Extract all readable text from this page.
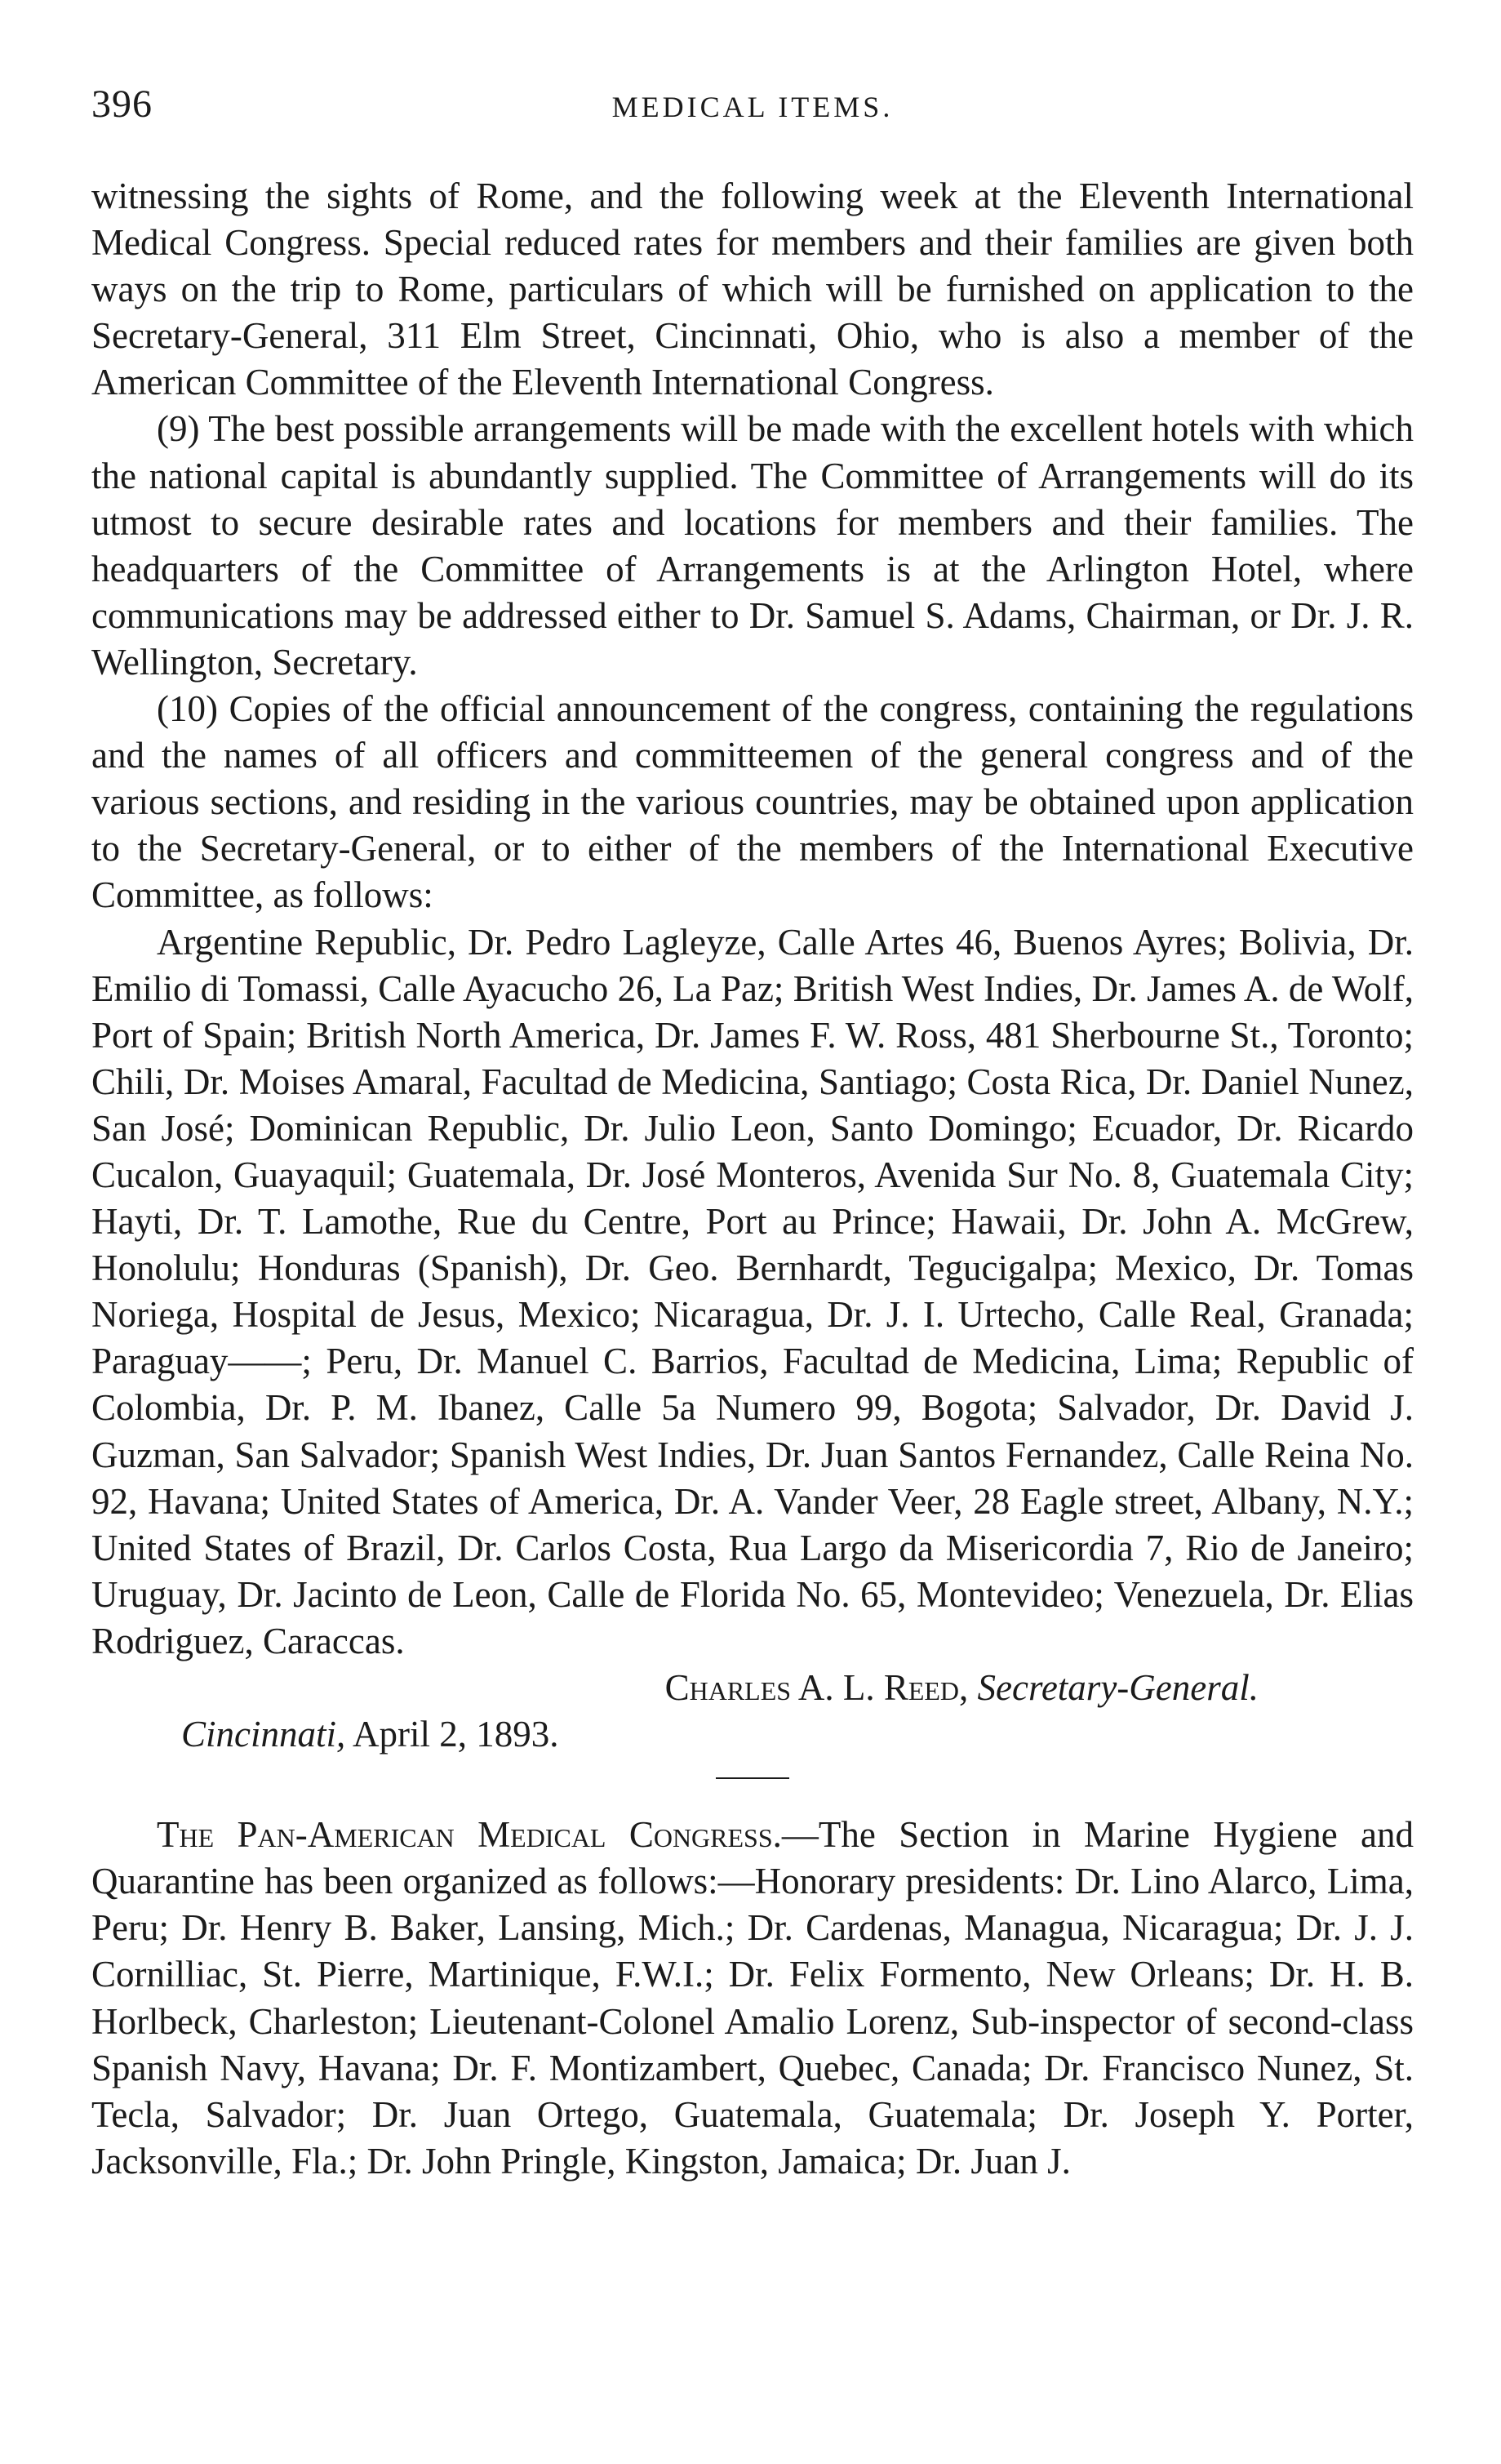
396	MEDICAL ITEMS.

witnessing the sights of Rome, and the following week at the Eleventh International Medical Congress. Special reduced rates for members and their families are given both ways on the trip to Rome, particulars of which will be furnished on application to the Secretary-General, 311 Elm Street, Cincinnati, Ohio, who is also a member of the American Committee of the Eleventh International Congress.

(9) The best possible arrangements will be made with the excellent hotels with which the national capital is abundantly supplied. The Committee of Arrangements will do its utmost to secure desirable rates and locations for members and their families. The headquarters of the Committee of Arrangements is at the Arlington Hotel, where communications may be addressed either to Dr. Samuel S. Adams, Chairman, or Dr. J. R. Wellington, Secretary.

(10) Copies of the official announcement of the congress, containing the regulations and the names of all officers and committeemen of the general congress and of the various sections, and residing in the various countries, may be obtained upon application to the Secretary-General, or to either of the members of the International Executive Committee, as follows:

Argentine Republic, Dr. Pedro Lagleyze, Calle Artes 46, Buenos Ayres; Bolivia, Dr. Emilio di Tomassi, Calle Ayacucho 26, La Paz; British West Indies, Dr. James A. de Wolf, Port of Spain; British North America, Dr. James F. W. Ross, 481 Sherbourne St., Toronto; Chili, Dr. Moises Amaral, Facultad de Medicina, Santiago; Costa Rica, Dr. Daniel Nunez, San José; Dominican Republic, Dr. Julio Leon, Santo Domingo; Ecuador, Dr. Ricardo Cucalon, Guayaquil; Guatemala, Dr. José Monteros, Avenida Sur No. 8, Guatemala City; Hayti, Dr. T. Lamothe, Rue du Centre, Port au Prince; Hawaii, Dr. John A. McGrew, Honolulu; Honduras (Spanish), Dr. Geo. Bernhardt, Tegucigalpa; Mexico, Dr. Tomas Noriega, Hospital de Jesus, Mexico; Nicaragua, Dr. J. I. Urtecho, Calle Real, Granada; Paraguay——; Peru, Dr. Manuel C. Barrios, Facultad de Medicina, Lima; Republic of Colombia, Dr. P. M. Ibanez, Calle 5a Numero 99, Bogota; Salvador, Dr. David J. Guzman, San Salvador; Spanish West Indies, Dr. Juan Santos Fernandez, Calle Reina No. 92, Havana; United States of America, Dr. A. Vander Veer, 28 Eagle street, Albany, N.Y.; United States of Brazil, Dr. Carlos Costa, Rua Largo da Misericordia 7, Rio de Janeiro; Uruguay, Dr. Jacinto de Leon, Calle de Florida No. 65, Montevideo; Venezuela, Dr. Elias Rodriguez, Caraccas.

Charles A. L. Reed, Secretary-General.

Cincinnati, April 2, 1893.

The Pan-American Medical Congress.—The Section in Marine Hygiene and Quarantine has been organized as follows:—Honorary presidents: Dr. Lino Alarco, Lima, Peru; Dr. Henry B. Baker, Lansing, Mich.; Dr. Cardenas, Managua, Nicaragua; Dr. J. J. Cornilliac, St. Pierre, Martinique, F.W.I.; Dr. Felix Formento, New Orleans; Dr. H. B. Horlbeck, Charleston; Lieutenant-Colonel Amalio Lorenz, Sub-inspector of second-class Spanish Navy, Havana; Dr. F. Montizambert, Quebec, Canada; Dr. Francisco Nunez, St. Tecla, Salvador; Dr. Juan Ortego, Guatemala, Guatemala; Dr. Joseph Y. Porter, Jacksonville, Fla.; Dr. John Pringle, Kingston, Jamaica; Dr. Juan J.
